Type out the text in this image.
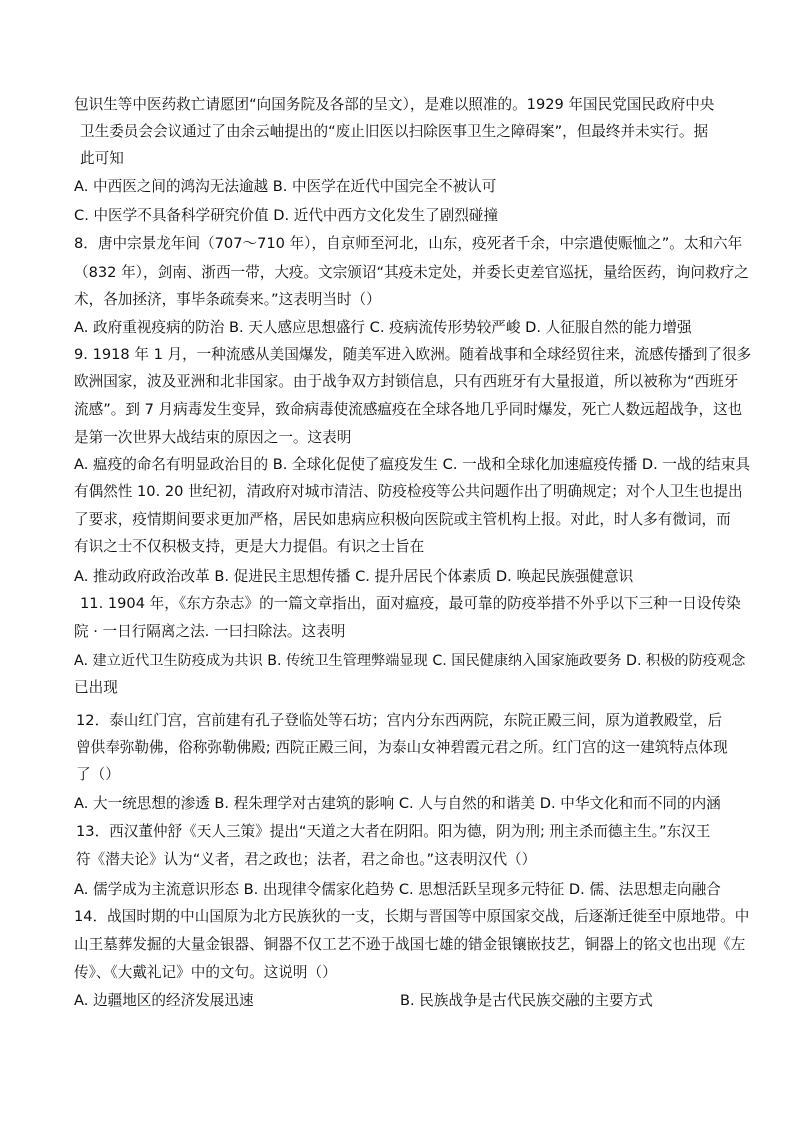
包识生等中医药救亡请愿团“向国务院及各部的呈文），是难以照准的。1929 年国民党国民政府中央
卫生委员会会议通过了由余云岫提出的“废止旧医以扫除医事卫生之障碍案”，但最终并未实行。据
此可知
A. 中西医之间的鸿沟无法逾越 B. 中医学在近代中国完全不被认可
C. 中医学不具备科学研究价值 D. 近代中西方文化发生了剧烈碰撞
8．唐中宗景龙年间（707～710 年），自京师至河北，山东，疫死者千余，中宗遣使赈恤之”。太和六年
（832 年），剑南、浙西一带，大疫。文宗颁诏“其疫未定处，并委长吏差官巡抚，量给医药，询问救疗之
术，各加拯济，事毕条疏奏来。”这表明当时（）
A. 政府重视疫病的防治 B. 天人感应思想盛行 C. 疫病流传形势较严峻 D. 人征服自然的能力增强
9. 1918 年 1 月，一种流感从美国爆发，随美军进入欧洲。随着战事和全球经贸往来，流感传播到了很多
欧洲国家，波及亚洲和北非国家。由于战争双方封锁信息，只有西班牙有大量报道，所以被称为“西班牙
流感”。到 7 月病毒发生变异，致命病毒使流感瘟疫在全球各地几乎同时爆发，死亡人数远超战争，这也
是第一次世界大战结束的原因之一。这表明
A. 瘟疫的命名有明显政治目的 B. 全球化促使了瘟疫发生 C. 一战和全球化加速瘟疫传播 D. 一战的结束具
有偶然性 10. 20 世纪初，清政府对城市清洁、防疫检疫等公共问题作出了明确规定；对个人卫生也提出
了要求，疫情期间要求更加严格，居民如患病应积极向医院或主管机构上报。对此，时人多有微词，而
有识之士不仅积极支持，更是大力提倡。有识之士旨在
A. 推动政府政治改革 B. 促进民主思想传播 C. 提升居民个体素质 D. 唤起民族强健意识
11. 1904 年，《东方杂志》的一篇文章指出，面对瘟疫，最可靠的防疫举措不外乎以下三种一日设传染
院 · 一日行隔离之法. 一曰扫除法。这表明
A. 建立近代卫生防疫成为共识 B. 传统卫生管理弊端显现 C. 国民健康纳入国家施政要务 D. 积极的防疫观念
已出现
12．泰山红门宫，宫前建有孔子登临处等石坊；宫内分东西两院，东院正殿三间，原为道教殿堂，后
曾供奉弥勒佛，俗称弥勒佛殿; 西院正殿三间，为泰山女神碧霞元君之所。红门宫的这一建筑特点体现
了（）
A. 大一统思想的渗透 B. 程朱理学对古建筑的影响 C. 人与自然的和谐美 D. 中华文化和而不同的内涵
13．西汉董仲舒《天人三策》提出“天道之大者在阴阳。阳为德，阴为刑; 刑主杀而德主生。”东汉王
符《潜夫论》认为“义者，君之政也；法者，君之命也。”这表明汉代（）
A. 儒学成为主流意识形态 B. 出现律令儒家化趋势 C. 思想活跃呈现多元特征 D. 儒、法思想走向融合
14．战国时期的中山国原为北方民族狄的一支，长期与晋国等中原国家交战，后逐渐迁徙至中原地带。中
山王墓葬发掘的大量金银器、铜器不仅工艺不逊于战国七雄的错金银镶嵌技艺，铜器上的铭文也出现《左
传》、《大戴礼记》中的文句。这说明（）
A. 边疆地区的经济发展迅速	B. 民族战争是古代民族交融的主要方式
